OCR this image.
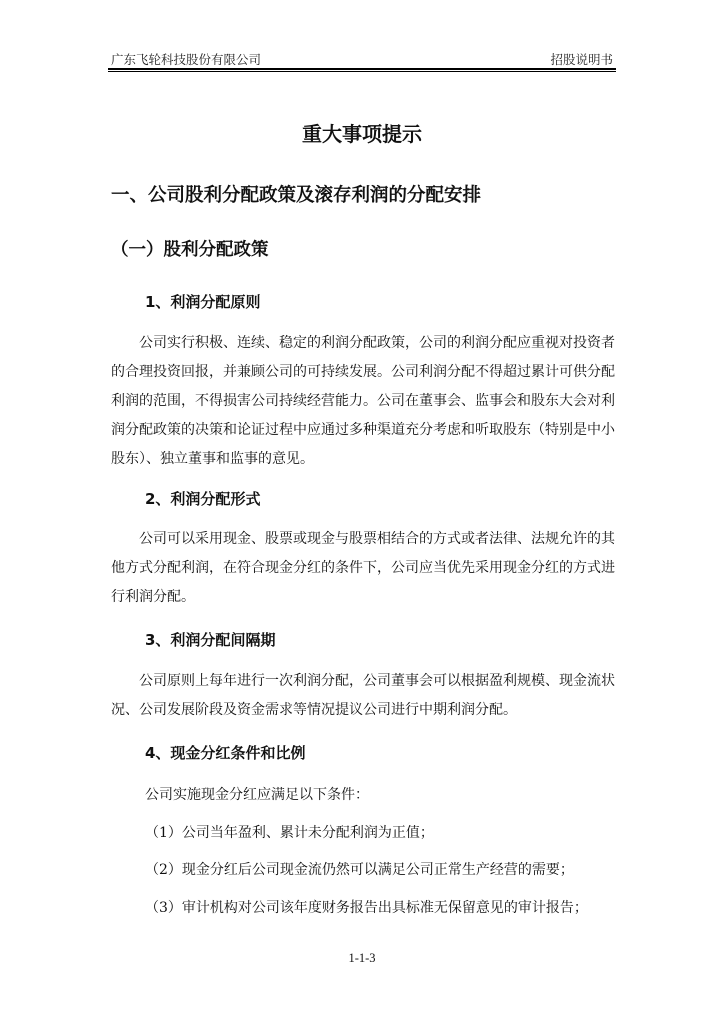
广东飞轮科技股份有限公司	招股说明书
重大事项提示
一、公司股利分配政策及滚存利润的分配安排
（一）股利分配政策
1、利润分配原则
公司实行积极、连续、稳定的利润分配政策，公司的利润分配应重视对投资者的合理投资回报，并兼顾公司的可持续发展。公司利润分配不得超过累计可供分配利润的范围，不得损害公司持续经营能力。公司在董事会、监事会和股东大会对利润分配政策的决策和论证过程中应通过多种渠道充分考虑和听取股东（特别是中小股东）、独立董事和监事的意见。
2、利润分配形式
公司可以采用现金、股票或现金与股票相结合的方式或者法律、法规允许的其他方式分配利润，在符合现金分红的条件下，公司应当优先采用现金分红的方式进行利润分配。
3、利润分配间隔期
公司原则上每年进行一次利润分配，公司董事会可以根据盈利规模、现金流状况、公司发展阶段及资金需求等情况提议公司进行中期利润分配。
4、现金分红条件和比例
公司实施现金分红应满足以下条件：
（1）公司当年盈利、累计未分配利润为正值；
（2）现金分红后公司现金流仍然可以满足公司正常生产经营的需要；
（3）审计机构对公司该年度财务报告出具标准无保留意见的审计报告；
1-1-3
